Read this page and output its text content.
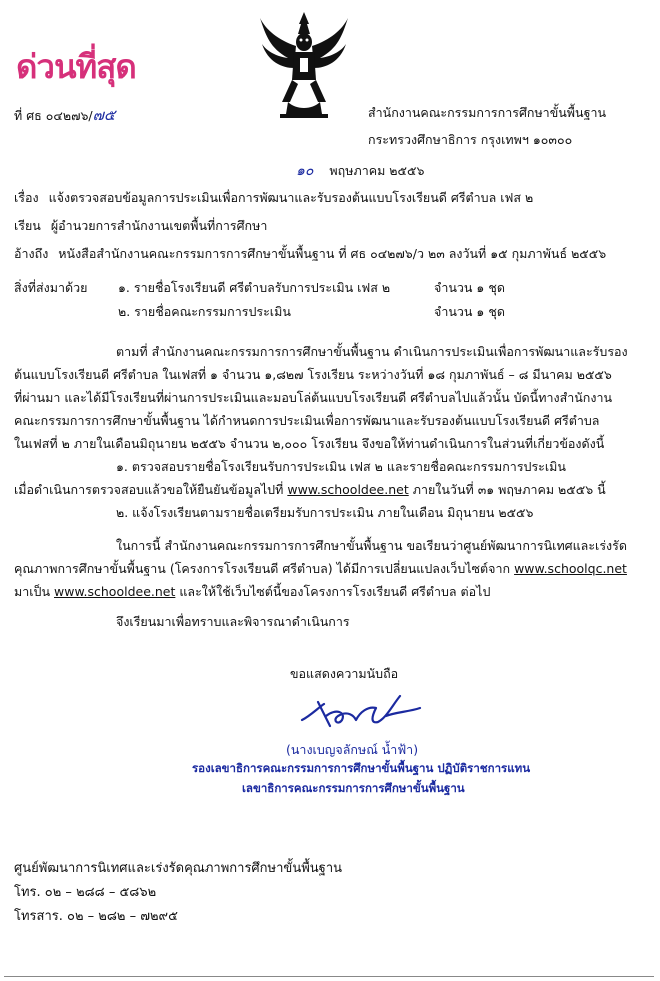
ด่วนที่สุด
ที่ ศธ ๐๔๒๗๖/๗๕	สำนักงานคณะกรรมการการศึกษาขั้นพื้นฐาน
กระทรวงศึกษาธิการ กรุงเทพฯ ๑๐๓๐๐
๑๐ พฤษภาคม ๒๕๕๖
เรื่อง แจ้งตรวจสอบข้อมูลการประเมินเพื่อการพัฒนาและรับรองต้นแบบโรงเรียนดี ศรีตำบล เฟส ๒
เรียน ผู้อำนวยการสำนักงานเขตพื้นที่การศึกษา
อ้างถึง หนังสือสำนักงานคณะกรรมการการศึกษาขั้นพื้นฐาน ที่ ศธ ๐๔๒๗๖/ว ๒๓ ลงวันที่ ๑๕ กุมภาพันธ์ ๒๕๕๖
สิ่งที่ส่งมาด้วย ๑. รายชื่อโรงเรียนดี ศรีตำบลรับการประเมิน เฟส ๒	จำนวน ๑ ชุด
๒. รายชื่อคณะกรรมการประเมิน	จำนวน ๑ ชุด
ตามที่ สำนักงานคณะกรรมการการศึกษาขั้นพื้นฐาน ดำเนินการประเมินเพื่อการพัฒนาและรับรอง
ต้นแบบโรงเรียนดี ศรีตำบล ในเฟสที่ ๑ จำนวน ๑,๘๒๗ โรงเรียน ระหว่างวันที่ ๑๘ กุมภาพันธ์ – ๘ มีนาคม ๒๕๕๖
ที่ผ่านมา และได้มีโรงเรียนที่ผ่านการประเมินและมอบโล่ต้นแบบโรงเรียนดี ศรีตำบลไปแล้วนั้น บัดนี้ทางสำนักงาน
คณะกรรมการการศึกษาขั้นพื้นฐาน ได้กำหนดการประเมินเพื่อการพัฒนาและรับรองต้นแบบโรงเรียนดี ศรีตำบล
ในเฟสที่ ๒ ภายในเดือนมิถุนายน ๒๕๕๖ จำนวน ๒,๐๐๐ โรงเรียน จึงขอให้ท่านดำเนินการในส่วนที่เกี่ยวข้องดังนี้
๑. ตรวจสอบรายชื่อโรงเรียนรับการประเมิน เฟส ๒ และรายชื่อคณะกรรมการประเมิน
เมื่อดำเนินการตรวจสอบแล้วขอให้ยืนยันข้อมูลไปที่ www.schooldee.net ภายในวันที่ ๓๑ พฤษภาคม ๒๕๕๖ นี้
๒. แจ้งโรงเรียนตามรายชื่อเตรียมรับการประเมิน ภายในเดือน มิถุนายน ๒๕๕๖
ในการนี้ สำนักงานคณะกรรมการการศึกษาขั้นพื้นฐาน ขอเรียนว่าศูนย์พัฒนาการนิเทศและเร่งรัด
คุณภาพการศึกษาขั้นพื้นฐาน (โครงการโรงเรียนดี ศรีตำบล) ได้มีการเปลี่ยนแปลงเว็บไซต์จาก www.schoolqc.net
มาเป็น www.schooldee.net และให้ใช้เว็บไซต์นี้ของโครงการโรงเรียนดี ศรีตำบล ต่อไป
จึงเรียนมาเพื่อทราบและพิจารณาดำเนินการ
ขอแสดงความนับถือ
(นางเบญจลักษณ์ น้ำฟ้า)
รองเลขาธิการคณะกรรมการการศึกษาขั้นพื้นฐาน ปฏิบัติราชการแทน
เลขาธิการคณะกรรมการการศึกษาขั้นพื้นฐาน
ศูนย์พัฒนาการนิเทศและเร่งรัดคุณภาพการศึกษาขั้นพื้นฐาน
โทร. ๐๒ – ๒๘๘ – ๕๘๖๒
โทรสาร. ๐๒ – ๒๘๒ – ๗๒๙๕
